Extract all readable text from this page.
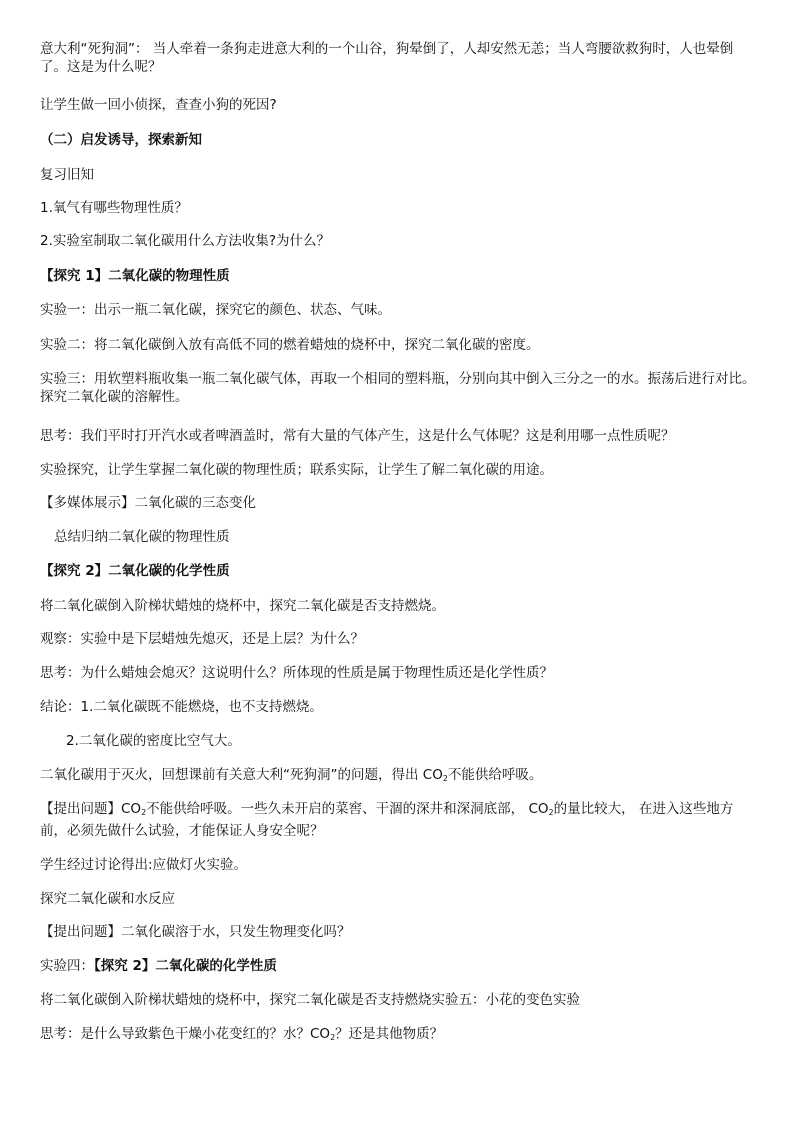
意大利“死狗洞”： 当人牵着一条狗走进意大利的一个山谷，狗晕倒了，人却安然无恙；当人弯腰欲救狗时，人也晕倒了。这是为什么呢？
让学生做一回小侦探，查查小狗的死因?
（二）启发诱导，探索新知
复习旧知
1.氧气有哪些物理性质？
2.实验室制取二氧化碳用什么方法收集?为什么？
【探究 1】二氧化碳的物理性质
实验一：出示一瓶二氧化碳，探究它的颜色、状态、气味。
实验二：将二氧化碳倒入放有高低不同的燃着蜡烛的烧杯中，探究二氧化碳的密度。
实验三：用软塑料瓶收集一瓶二氧化碳气体，再取一个相同的塑料瓶，分别向其中倒入三分之一的水。振荡后进行对比。探究二氧化碳的溶解性。
思考：我们平时打开汽水或者啤酒盖时，常有大量的气体产生，这是什么气体呢？这是利用哪一点性质呢？
实验探究，让学生掌握二氧化碳的物理性质；联系实际，让学生了解二氧化碳的用途。
【多媒体展示】二氧化碳的三态变化
总结归纳二氧化碳的物理性质
【探究 2】二氧化碳的化学性质
将二氧化碳倒入阶梯状蜡烛的烧杯中，探究二氧化碳是否支持燃烧。
观察：实验中是下层蜡烛先熄灭，还是上层？为什么？
思考：为什么蜡烛会熄灭？这说明什么？所体现的性质是属于物理性质还是化学性质？
结论：1.二氧化碳既不能燃烧，也不支持燃烧。
2.二氧化碳的密度比空气大。
二氧化碳用于灭火，回想课前有关意大利“死狗洞”的问题，得出 $CO_2$不能供给呼吸。
【提出问题】$CO_2$不能供给呼吸。一些久未开启的菜窖、干涸的深井和深洞底部， $CO_2$的量比较大， 在进入这些地方前，必须先做什么试验，才能保证人身安全呢？
学生经过讨论得出:应做灯火实验。
探究二氧化碳和水反应
【提出问题】二氧化碳溶于水，只发生物理变化吗？
实验四：【探究 2】二氧化碳的化学性质
将二氧化碳倒入阶梯状蜡烛的烧杯中，探究二氧化碳是否支持燃烧实验五：小花的变色实验
思考：是什么导致紫色干燥小花变红的？水？$CO_2$？还是其他物质？
